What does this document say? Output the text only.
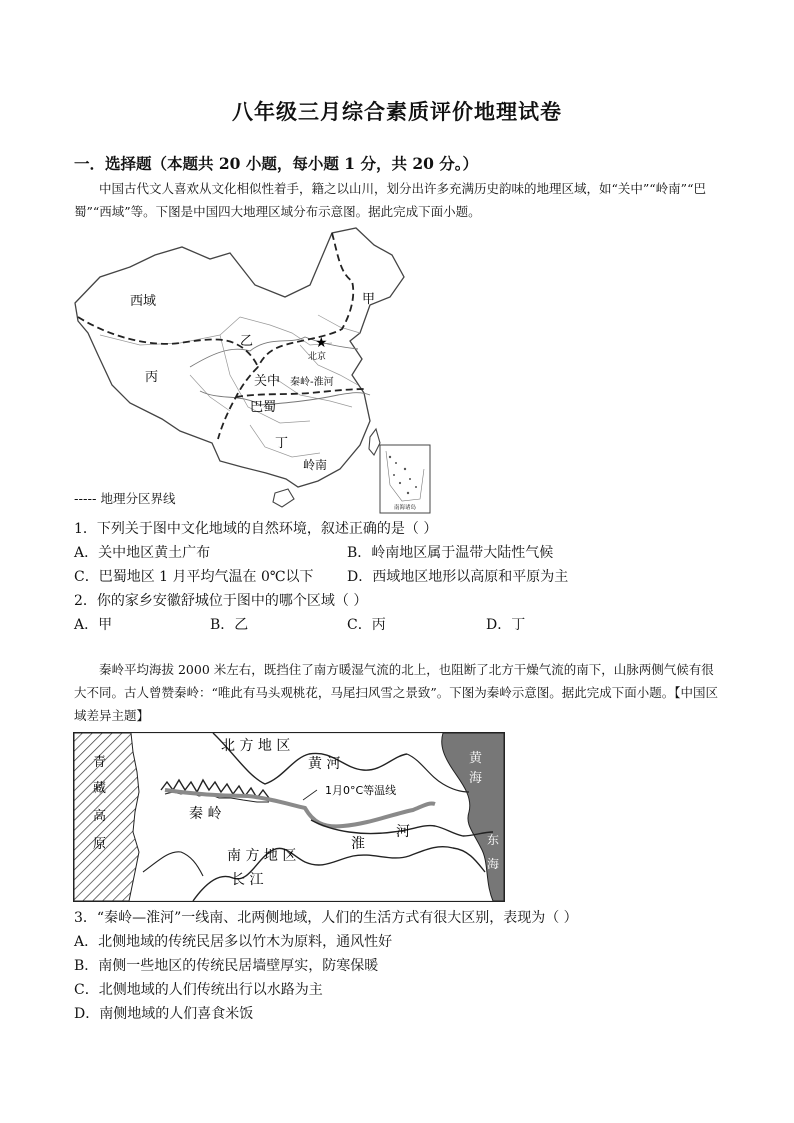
八年级三月综合素质评价地理试卷
一．选择题（本题共 20 小题，每小题 1 分，共 20 分。）
中国古代文人喜欢从文化相似性着手，籍之以山川，划分出许多充满历史韵味的地理区域，如“关中”“岭南”“巴蜀”“西域”等。下图是中国四大地理区域分布示意图。据此完成下面小题。
南海诸岛
西域	甲
乙
丙
★
北京
关中 秦岭-淮河
巴蜀
丁
岭南
----- 地理分区界线
1．下列关于图中文化地域的自然环境，叙述正确的是（ ）
A．关中地区黄土广布	B．岭南地区属于温带大陆性气候
C．巴蜀地区 1 月平均气温在 0℃以下 D．西域地区地形以高原和平原为主
2．你的家乡安徽舒城位于图中的哪个区域（ ）
A．甲	B．乙	C．丙	D．丁
秦岭平均海拔 2000 米左右，既挡住了南方暖湿气流的北上，也阻断了北方干燥气流的南下，山脉两侧气候有很大不同。古人曾赞秦岭：“唯此有马头观桃花，马尾扫风雪之景致”。下图为秦岭示意图。据此完成下面小题。【中国区域差异主题】
北 方 地 区
黄 河
1月0°C等温线
秦 岭
淮
河
南 方 地 区
长 江
青
藏
高
原
黄
海
东
海
3．“秦岭—淮河”一线南、北两侧地域，人们的生活方式有很大区别，表现为（ ）
A．北侧地域的传统民居多以竹木为原料，通风性好
B．南侧一些地区的传统民居墙壁厚实，防寒保暖
C．北侧地域的人们传统出行以水路为主
D．南侧地域的人们喜食米饭
